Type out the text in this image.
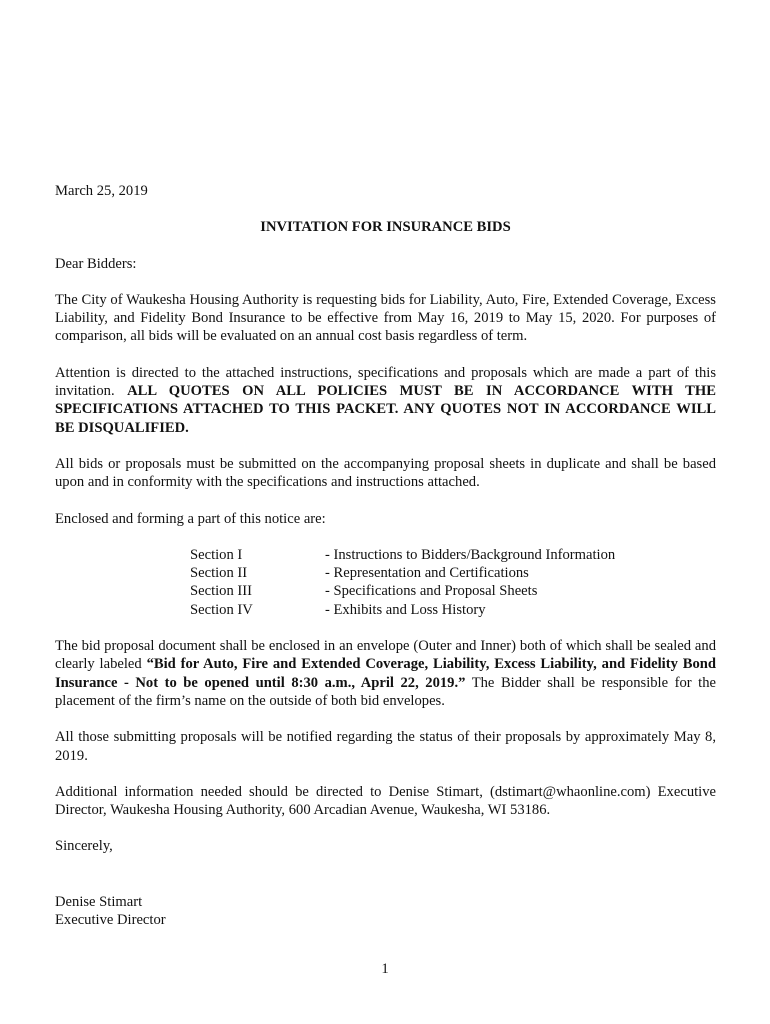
March 25, 2019

INVITATION FOR INSURANCE BIDS

Dear Bidders:

The City of Waukesha Housing Authority is requesting bids for Liability, Auto, Fire, Extended Coverage, Excess Liability, and Fidelity Bond Insurance to be effective from May 16, 2019 to May 15, 2020. For purposes of comparison, all bids will be evaluated on an annual cost basis regardless of term.

Attention is directed to the attached instructions, specifications and proposals which are made a part of this invitation. ALL QUOTES ON ALL POLICIES MUST BE IN ACCORDANCE WITH THE SPECIFICATIONS ATTACHED TO THIS PACKET. ANY QUOTES NOT IN ACCORDANCE WILL BE DISQUALIFIED.

All bids or proposals must be submitted on the accompanying proposal sheets in duplicate and shall be based upon and in conformity with the specifications and instructions attached.

Enclosed and forming a part of this notice are:

Section I	- Instructions to Bidders/Background Information
Section II	- Representation and Certifications
Section III	- Specifications and Proposal Sheets
Section IV	- Exhibits and Loss History

The bid proposal document shall be enclosed in an envelope (Outer and Inner) both of which shall be sealed and clearly labeled “Bid for Auto, Fire and Extended Coverage, Liability, Excess Liability, and Fidelity Bond Insurance - Not to be opened until 8:30 a.m., April 22, 2019.” The Bidder shall be responsible for the placement of the firm’s name on the outside of both bid envelopes.

All those submitting proposals will be notified regarding the status of their proposals by approximately May 8, 2019.

Additional information needed should be directed to Denise Stimart, (dstimart@whaonline.com) Executive Director, Waukesha Housing Authority, 600 Arcadian Avenue, Waukesha, WI 53186.

Sincerely,

Denise Stimart

Executive Director

1
